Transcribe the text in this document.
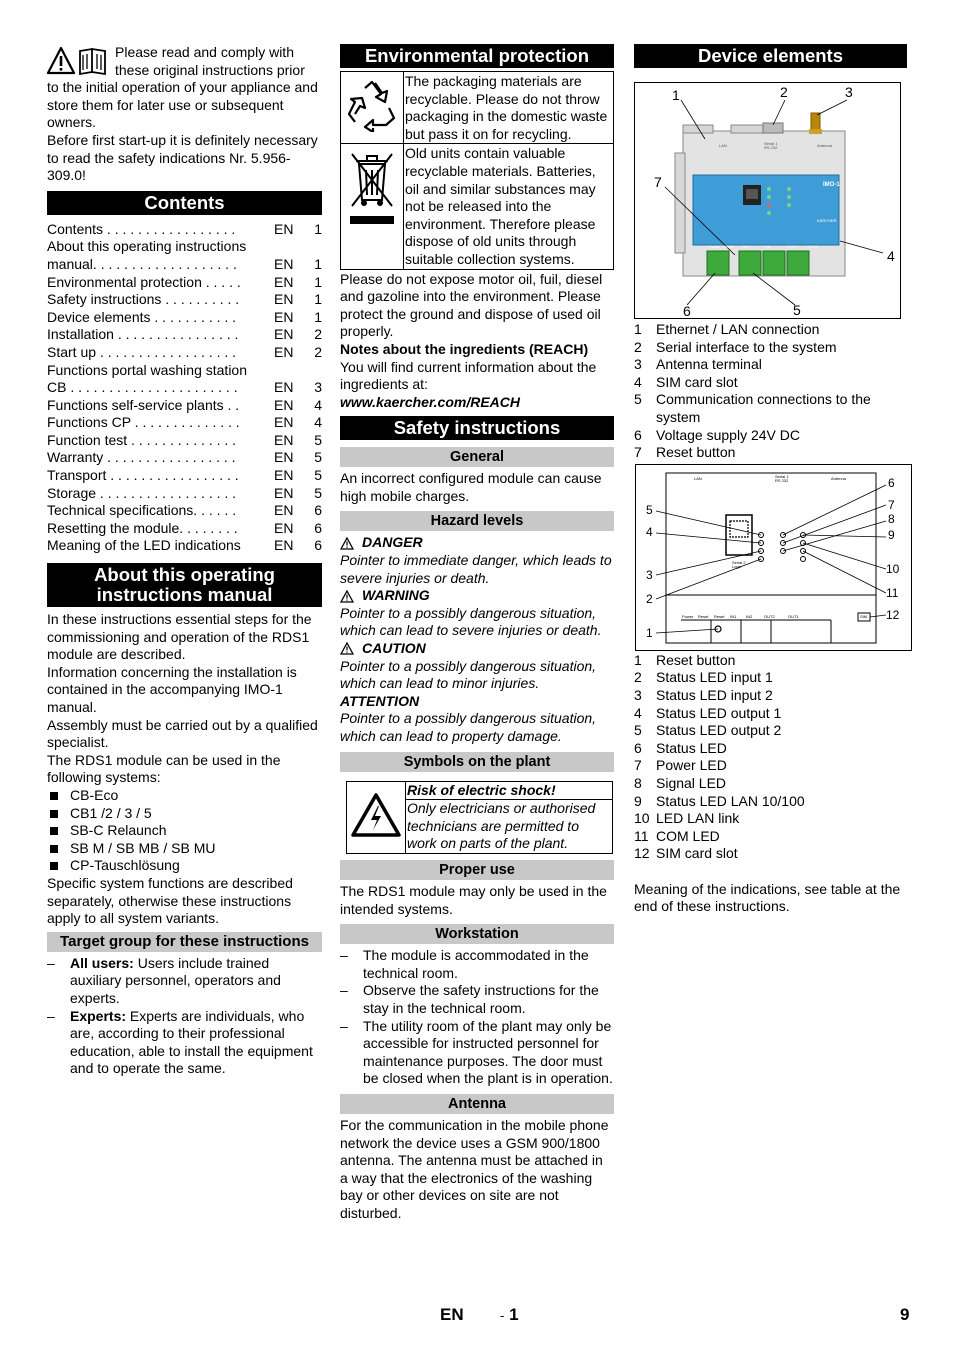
Please read and comply with these original instructions prior

to the initial operation of your appliance and store them for later use or subsequent owners.

Before first start-up it is definitely necessary to read the safety indications Nr. 5.956-309.0!

Contents
Contents . . . . . . . . . . . . . . . . .	EN	1
About this operating instructions		
manual. . . . . . . . . . . . . . . . . . .	EN	1
Environmental protection . . . . .	EN	1
Safety instructions . . . . . . . . . .	EN	1
Device elements . . . . . . . . . . .	EN	1
Installation . . . . . . . . . . . . . . . .	EN	2
Start up . . . . . . . . . . . . . . . . . .	EN	2
Functions portal washing station		
CB . . . . . . . . . . . . . . . . . . . . . .	EN	3
Functions self-service plants . .	EN	4
Functions CP . . . . . . . . . . . . . .	EN	4
Function test . . . . . . . . . . . . . .	EN	5
Warranty . . . . . . . . . . . . . . . . .	EN	5
Transport . . . . . . . . . . . . . . . . .	EN	5
Storage . . . . . . . . . . . . . . . . . .	EN	5
Technical specifications. . . . . .	EN	6
Resetting the module. . . . . . . .	EN	6
Meaning of the LED indications	EN	6
About this operating
instructions manual

In these instructions essential steps for the commissioning and operation of the RDS1 module are described.

Information concerning the installation is contained in the accompanying IMO-1 manual.

Assembly must be carried out by a qualified specialist.

The RDS1 module can be used in the following systems:

CB-Eco
CB1 /2 / 3 / 5
SB-C Relaunch
SB M / SB MB / SB MU
CP-Tauschlösung

Specific system functions are described separately, otherwise these instructions apply to all system variants.

Target group for these instructions
– All users: Users include trained auxiliary personnel, operators and experts.
– Experts: Experts are individuals, who are, according to their professional education, able to install the equipment and to operate the same.
Environmental protection
	The packaging materials are recyclable. Please do not throw packaging in the domestic waste but pass it on for recycling.
	Old units contain valuable recyclable materials. Batteries, oil and similar substances may not be released into the environment. Therefore please dispose of old units through suitable collection systems.

Please do not expose motor oil, fuil, diesel and gazoline into the environment. Please protect the ground and dispose of used oil properly.

Notes about the ingredients (REACH)

You will find current information about the ingredients at:

www.kaercher.com/REACH

Safety instructions
General

An incorrect configured module can cause high mobile charges.

Hazard levels
DANGER

Pointer to immediate danger, which leads to severe injuries or death.

WARNING

Pointer to a possibly dangerous situation, which can lead to severe injuries or death.

CAUTION

Pointer to a possibly dangerous situation, which can lead to minor injuries.

ATTENTION

Pointer to a possibly dangerous situation, which can lead to property damage.

Symbols on the plant
	Risk of electric shock!
Only electricians or authorised technicians are permitted to work on parts of the plant.
Proper use

The RDS1 module may only be used in the intended systems.

Workstation
– The module is accommodated in the technical room.
– Observe the safety instructions for the stay in the technical room.
– The utility room of the plant may only be accessible for instructed personnel for maintenance purposes. The door must be closed when the plant is in operation.
Antenna

For the communication in the mobile phone network the device uses a GSM 900/1800 antenna. The antenna must be attached in a way that the electronics of the washing bay or other devices on site are not disturbed.

Device elements
LAN	Serial 1
RS 232	Antenna
IMO-1
KÄRCHER
Power Reset IN1	IN2	OUT2 OUT1
1	2	3
4
5
6
7
1 Ethernet / LAN connection
2 Serial interface to the system
3 Antenna terminal
4 SIM card slot
5 Communication connections to the system
6 Voltage supply 24V DC
7 Reset button
LAN	Serial 1
RS 232	Antenna
Serial 2
Logo
Power Reset Reset IN1 IN2	OUT2	OUT1	SIM
5
4
3
2
1
6
7
8
9
10
11
12
1 Reset button
2 Status LED input 1
3 Status LED input 2
4 Status LED output 1
5 Status LED output 2
6 Status LED
7 Power LED
8 Signal LED
9 Status LED LAN 10/100
10 LED LAN link
11 COM LED
12 SIM card slot

Meaning of the indications, see table at the end of these instructions.

EN	- 1	9
